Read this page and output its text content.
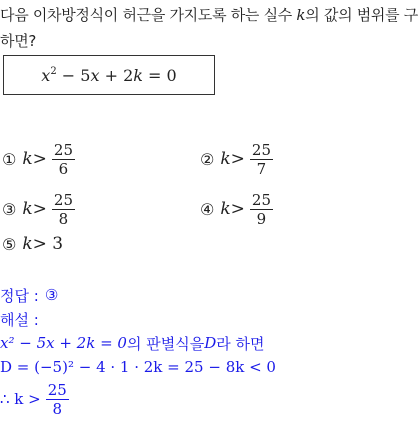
다음 이차방정식이 허근을 가지도록 하는 실수 k의 값의 범위를 구
하면?
$x^2 - 5x + 2k = 0$
① $k > \frac{25}{6}$	② $k > \frac{25}{7}$
③ $k > \frac{25}{8}$	④ $k > \frac{25}{9}$
⑤ k > 3
정답 : ③
해설 :
x² − 5x + 2k = 0 의 판별식을 D 라 하면
D = (−5)² − 4 · 1 · 2k = 25 − 8k < 0
∴ $k > \frac{25}{8}$
